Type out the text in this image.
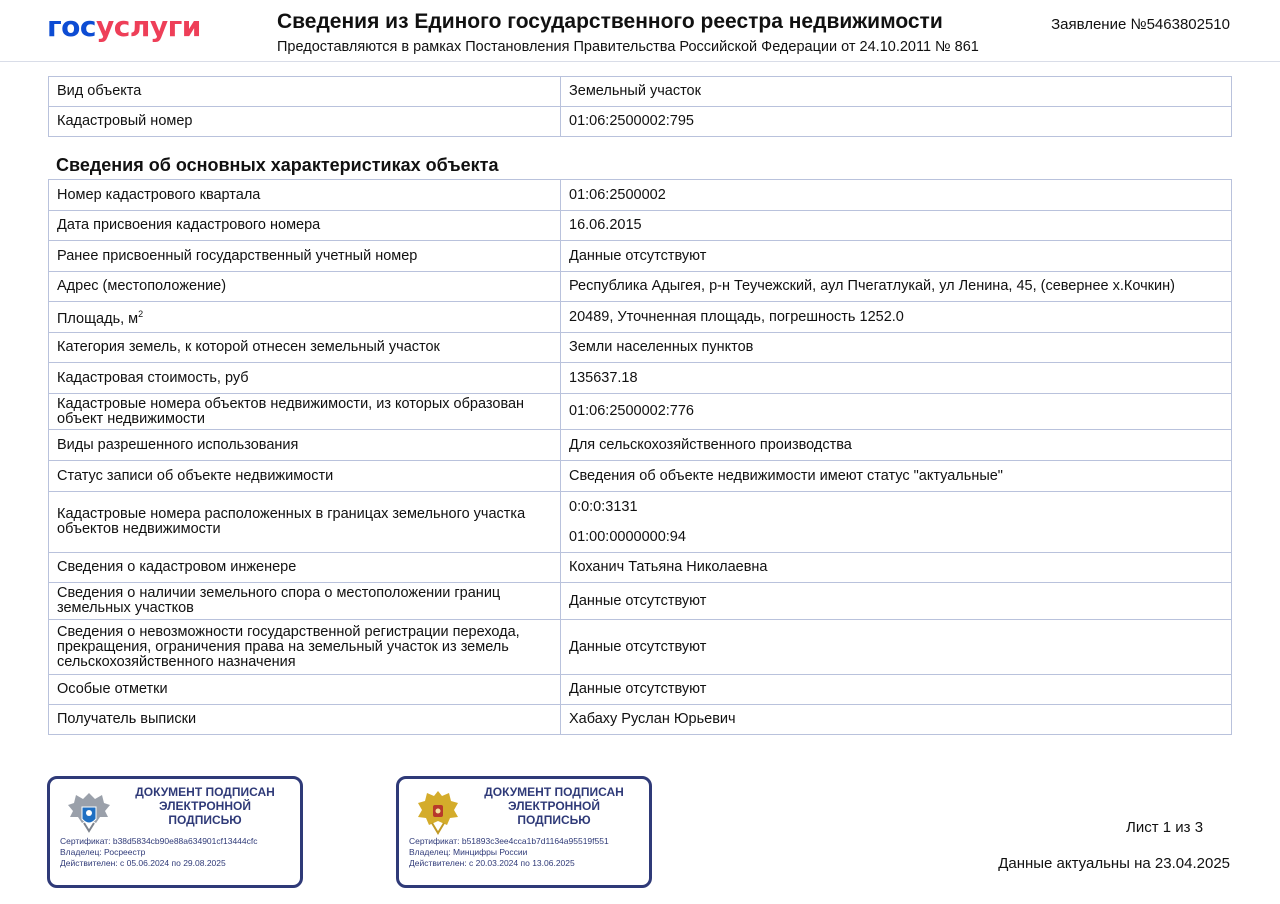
госуслуги	Сведения из Единого государственного реестра недвижимости
Предоставляются в рамках Постановления Правительства Российской Федерации от 24.10.2011 № 861
Заявление №5463802510
Вид объекта	Земельный участок
Кадастровый номер	01:06:2500002:795
Сведения об основных характеристиках объекта
Номер кадастрового квартала	01:06:2500002
Дата присвоения кадастрового номера	16.06.2015
Ранее присвоенный государственный учетный номер	Данные отсутствуют
Адрес (местоположение)	Республика Адыгея, р-н Теучежский, аул Пчегатлукай, ул Ленина, 45, (севернее х.Кочкин)
Площадь, $м^2$	20489, Уточненная площадь, погрешность 1252.0
Категория земель, к которой отнесен земельный участок	Земли населенных пунктов
Кадастровая стоимость, руб	135637.18
Кадастровые номера объектов недвижимости, из которых образован объект недвижимости	01:06:2500002:776
Виды разрешенного использования	Для сельскохозяйственного производства
Статус записи об объекте недвижимости	Сведения об объекте недвижимости имеют статус "актуальные"
Кадастровые номера расположенных в границах земельного участка объектов недвижимости	0:0:0:3131
01:00:0000000:94

Сведения о кадастровом инженере	Коханич Татьяна Николаевна
Сведения о наличии земельного спора о местоположении границ земельных участков	Данные отсутствуют
Сведения о невозможности государственной регистрации перехода, прекращения, ограничения права на земельный участок из земель сельскохозяйственного назначения	Данные отсутствуют
Особые отметки	Данные отсутствуют
Получатель выписки	Хабаху Руслан Юрьевич
ДОКУМЕНТ ПОДПИСАН
ЭЛЕКТРОННОЙ
ПОДПИСЬЮ
Сертификат: b38d5834cb90e88a634901cf13444cfc
Владелец: Росреестр
Действителен: с 05.06.2024 по 29.08.2025
ДОКУМЕНТ ПОДПИСАН
ЭЛЕКТРОННОЙ
ПОДПИСЬЮ
Сертификат: b51893c3ee4cca1b7d1164a95519f551
Владелец: Минцифры России
Действителен: с 20.03.2024 по 13.06.2025
Лист 1 из 3
Данные актуальны на 23.04.2025
